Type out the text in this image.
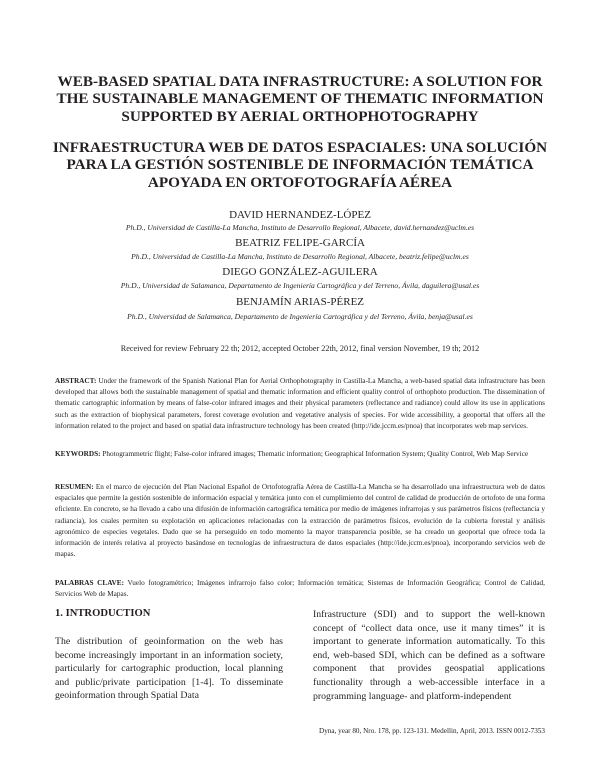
WEB-BASED SPATIAL DATA INFRASTRUCTURE: A SOLUTION FOR THE SUSTAINABLE MANAGEMENT OF THEMATIC INFORMATION SUPPORTED BY AERIAL ORTHOPHOTOGRAPHY
INFRAESTRUCTURA WEB DE DATOS ESPACIALES: UNA SOLUCIÓN PARA LA GESTIÓN SOSTENIBLE DE INFORMACIÓN TEMÁTICA APOYADA EN ORTOFOTOGRAFÍA AÉREA

DAVID HERNANDEZ-LÓPEZ

Ph.D., Universidad de Castilla-La Mancha, Instituto de Desarrollo Regional, Albacete, david.hernandez@uclm.es

BEATRIZ FELIPE-GARCÍA

Ph.D., Universidad de Castilla-La Mancha, Instituto de Desarrollo Regional, Albacete, beatriz.felipe@uclm.es

DIEGO GONZÁLEZ-AGUILERA

Ph.D., Universidad de Salamanca, Departamento de Ingeniería Cartográfica y del Terreno, Ávila, daguilera@usal.es

BENJAMÍN ARIAS-PÉREZ

Ph.D., Universidad de Salamanca, Departamento de Ingeniería Cartográfica y del Terreno, Ávila, benja@usal.es

Received for review February 22 th; 2012, accepted October 22th, 2012, final version November, 19 th; 2012

ABSTRACT: Under the framework of the Spanish National Plan for Aerial Orthophotography in Castilla-La Mancha, a web-based spatial data infrastructure has been developed that allows both the sustainable management of spatial and thematic information and efficient quality control of orthophoto production. The dissemination of thematic cartographic information by means of false-color infrared images and their physical parameters (reflectance and radiance) could allow its use in applications such as the extraction of biophysical parameters, forest coverage evolution and vegetative analysis of species. For wide accessibility, a geoportal that offers all the information related to the project and based on spatial data infrastructure technology has been created (http://ide.jccm.es/pnoa) that incorporates web map services.

KEYWORDS: Photogrammetric flight; False-color infrared images; Thematic information; Geographical Information System; Quality Control, Web Map Service

RESUMEN: En el marco de ejecución del Plan Nacional Español de Ortofotografía Aérea de Castilla-La Mancha se ha desarrollado una infraestructura web de datos espaciales que permite la gestión sostenible de información espacial y temática junto con el cumplimiento del control de calidad de producción de ortofoto de una forma eficiente. En concreto, se ha llevado a cabo una difusión de información cartográfica temática por medio de imágenes infrarrojas y sus parámetros físicos (reflectancia y radiancia), los cuales permiten su explotación en aplicaciones relacionadas con la extracción de parámetros físicos, evolución de la cubierta forestal y análisis agronómico de especies vegetales. Dado que se ha perseguido en todo momento la mayor transparencia posible, se ha creado un geoportal que ofrece toda la información de interés relativa al proyecto basándose en tecnologías de infraestructura de datos espaciales (http://ide.jccm.es/pnoa), incorporando servicios web de mapas.

PALABRAS CLAVE: Vuelo fotogramétrico; Imágenes infrarrojo falso color; Información temática; Sistemas de Información Geográfica; Control de Calidad, Servicios Web de Mapas.

1. INTRODUCTION

The distribution of geoinformation on the web has become increasingly important in an information society, particularly for cartographic production, local planning and public/private participation [1-4]. To disseminate geoinformation through Spatial Data

Infrastructure (SDI) and to support the well-known concept of “collect data once, use it many times” it is important to generate information automatically. To this end, web-based SDI, which can be defined as a software component that provides geospatial applications functionality through a web-accessible interface in a programming language- and platform-independent

Dyna, year 80, Nro. 178, pp. 123-131. Medellin, April, 2013. ISSN 0012-7353
